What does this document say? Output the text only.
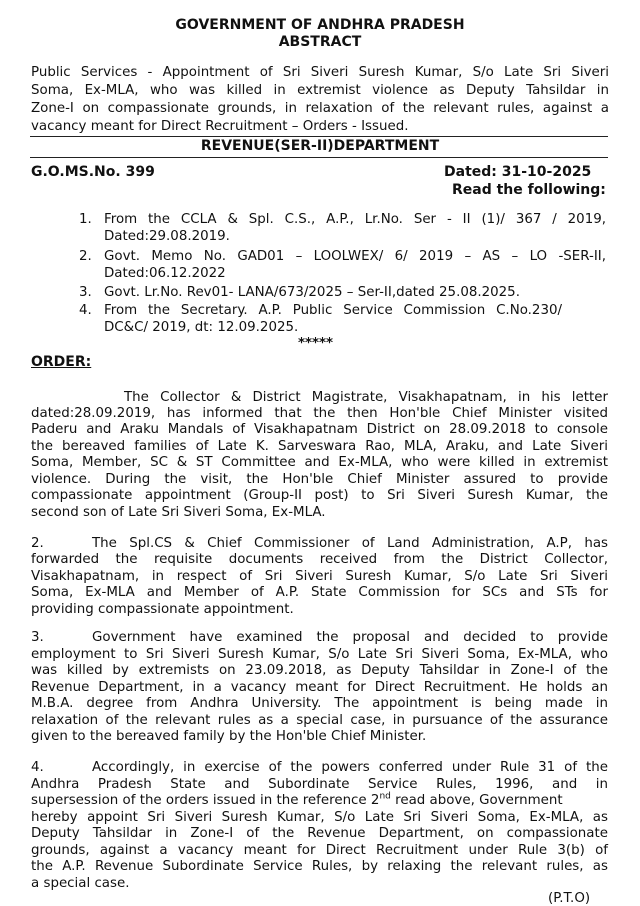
GOVERNMENT OF ANDHRA PRADESH
ABSTRACT
Public Services - Appointment of Sri Siveri Suresh Kumar, S/o Late Sri Siveri
Soma, Ex-MLA, who was killed in extremist violence as Deputy Tahsildar in
Zone-I on compassionate grounds, in relaxation of the relevant rules, against a
vacancy meant for Direct Recruitment – Orders - Issued.
REVENUE(SER-II)DEPARTMENT
G.O.MS.No. 399	Dated: 31-10-2025
Read the following:
1. From the CCLA & Spl. C.S., A.P., Lr.No. Ser - II (1)/ 367 / 2019,
Dated:29.08.2019.
2. Govt. Memo No. GAD01 – LOOLWEX/ 6/ 2019 – AS – LO -SER-II,
Dated:06.12.2022
3. Govt. Lr.No. Rev01- LANA/673/2025 – Ser-II,dated 25.08.2025.
4. From the Secretary. A.P. Public Service Commission C.No.230/
DC&C/ 2019, dt: 12.09.2025.
*****
ORDER:
The Collector & District Magistrate, Visakhapatnam, in his letter
dated:28.09.2019, has informed that the then Hon'ble Chief Minister visited
Paderu and Araku Mandals of Visakhapatnam District on 28.09.2018 to console
the bereaved families of Late K. Sarveswara Rao, MLA, Araku, and Late Siveri
Soma, Member, SC & ST Committee and Ex-MLA, who were killed in extremist
violence. During the visit, the Hon'ble Chief Minister assured to provide
compassionate appointment (Group-II post) to Sri Siveri Suresh Kumar, the
second son of Late Sri Siveri Soma, Ex-MLA.
2.	The Spl.CS & Chief Commissioner of Land Administration, A.P, has
forwarded the requisite documents received from the District Collector,
Visakhapatnam, in respect of Sri Siveri Suresh Kumar, S/o Late Sri Siveri
Soma, Ex-MLA and Member of A.P. State Commission for SCs and STs for
providing compassionate appointment.
3.	Government have examined the proposal and decided to provide
employment to Sri Siveri Suresh Kumar, S/o Late Sri Siveri Soma, Ex-MLA, who
was killed by extremists on 23.09.2018, as Deputy Tahsildar in Zone-I of the
Revenue Department, in a vacancy meant for Direct Recruitment. He holds an
M.B.A. degree from Andhra University. The appointment is being made in
relaxation of the relevant rules as a special case, in pursuance of the assurance
given to the bereaved family by the Hon'ble Chief Minister.
4.	Accordingly, in exercise of the powers conferred under Rule 31 of the
Andhra Pradesh State and Subordinate Service Rules, 1996, and in
supersession of the orders issued in the reference 2nd read above, Government
hereby appoint Sri Siveri Suresh Kumar, S/o Late Sri Siveri Soma, Ex-MLA, as
Deputy Tahsildar in Zone-I of the Revenue Department, on compassionate
grounds, against a vacancy meant for Direct Recruitment under Rule 3(b) of
the A.P. Revenue Subordinate Service Rules, by relaxing the relevant rules, as
a special case.
(P.T.O)
